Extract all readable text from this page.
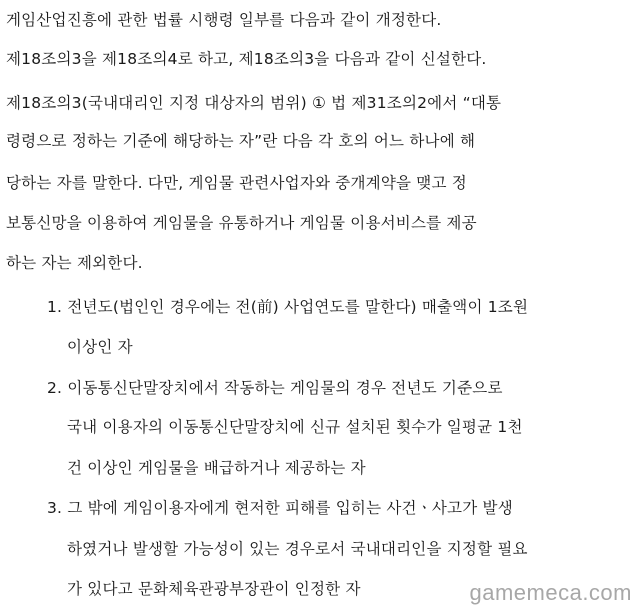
게임산업진흥에 관한 법률 시행령 일부를 다음과 같이 개정한다.
제18조의3을 제18조의4로 하고, 제18조의3을 다음과 같이 신설한다.
제18조의3(국내대리인 지정 대상자의 범위) ① 법 제31조의2에서 “대통
령령으로 정하는 기준에 해당하는 자”란 다음 각 호의 어느 하나에 해
당하는 자를 말한다. 다만, 게임물 관련사업자와 중개계약을 맺고 정
보통신망을 이용하여 게임물을 유통하거나 게임물 이용서비스를 제공
하는 자는 제외한다.
1. 전년도(법인인 경우에는 전(前) 사업연도를 말한다) 매출액이 1조원
이상인 자
2. 이동통신단말장치에서 작동하는 게임물의 경우 전년도 기준으로
국내 이용자의 이동통신단말장치에 신규 설치된 횟수가 일평균 1천
건 이상인 게임물을 배급하거나 제공하는 자
3. 그 밖에 게임이용자에게 현저한 피해를 입히는 사건ㆍ사고가 발생
하였거나 발생할 가능성이 있는 경우로서 국내대리인을 지정할 필요
가 있다고 문화체육관광부장관이 인정한 자	gamemeca.com
